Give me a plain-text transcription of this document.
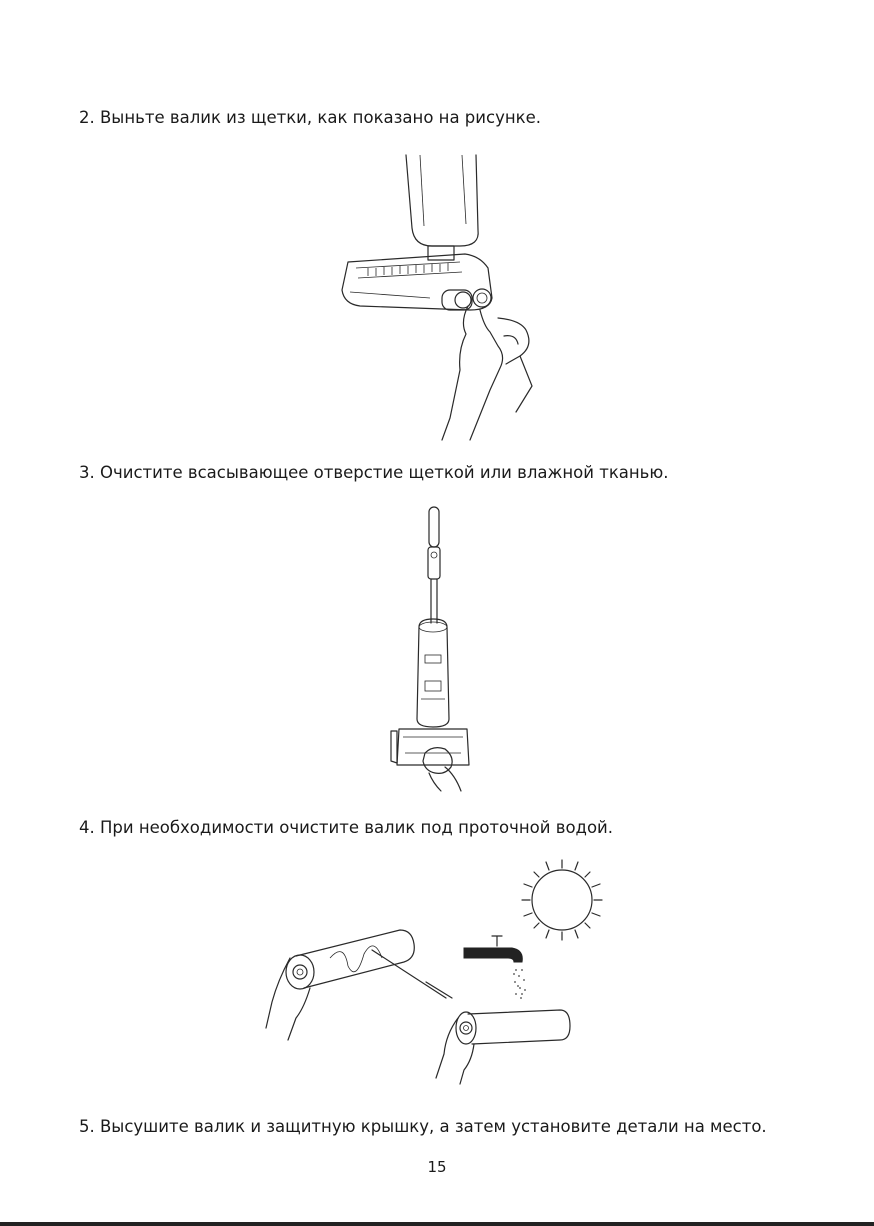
2. Выньте валик из щетки, как показано на рисунке.
3. Очистите всасывающее отверстие щеткой или влажной тканью.
4. При необходимости очистите валик под проточной водой.
5. Высушите валик и защитную крышку, а затем установите детали на место.
15
